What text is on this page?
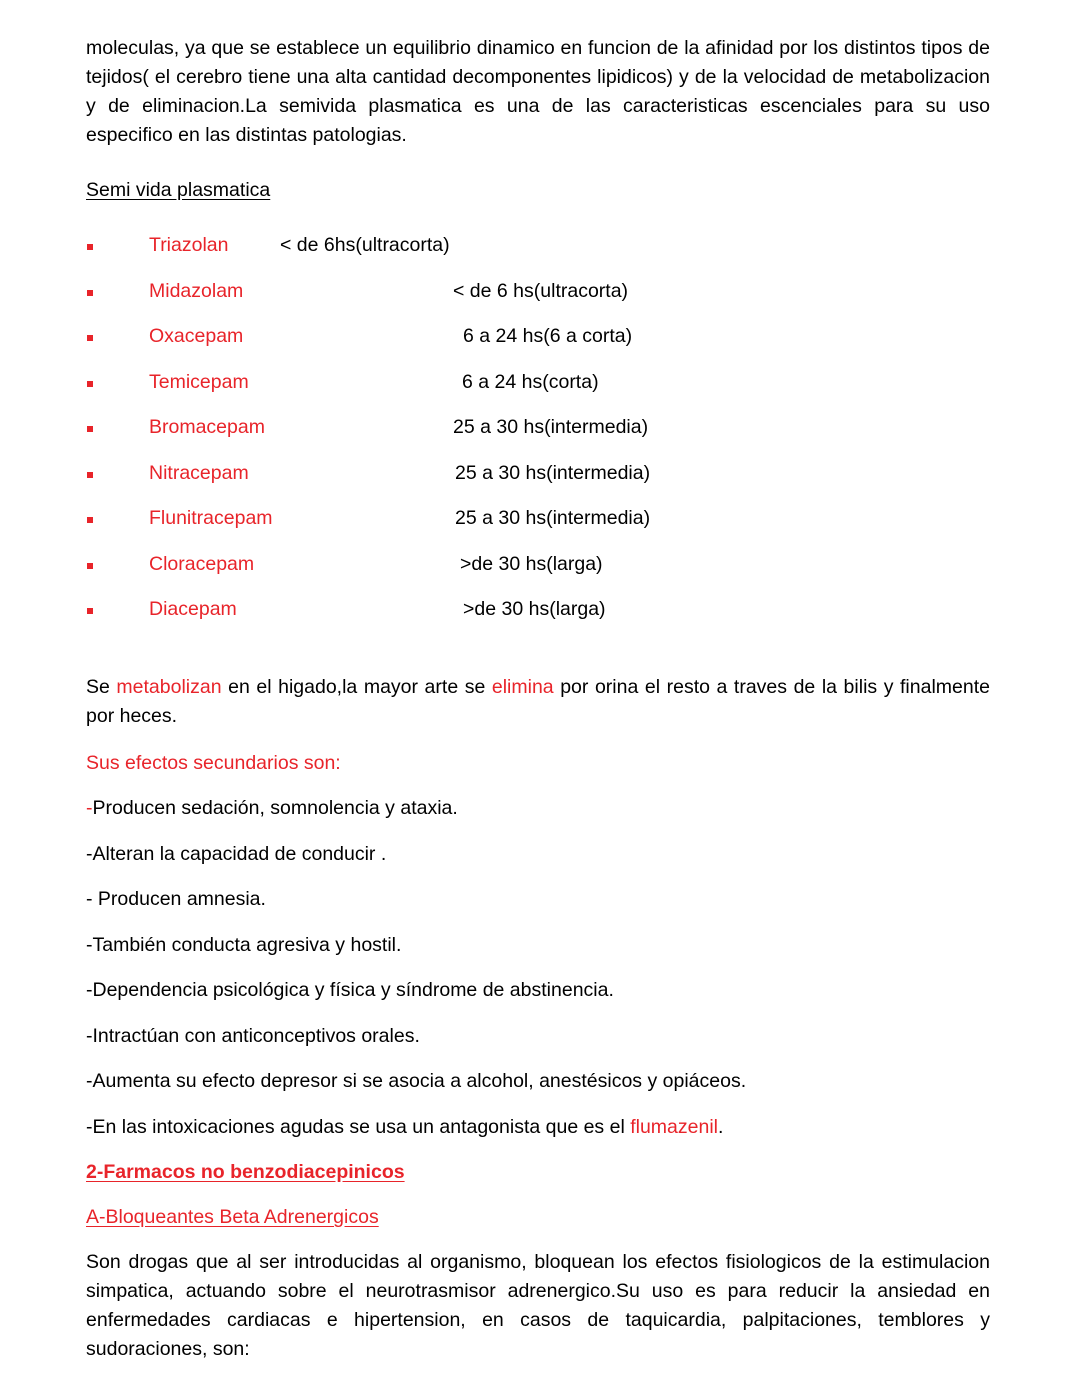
moleculas, ya que se establece un equilibrio dinamico en funcion de la afinidad por los distintos tipos de tejidos( el cerebro tiene una alta cantidad decomponentes lipidicos) y de la velocidad de metabolizacion y de eliminacion.La semivida plasmatica es una de las caracteristicas escenciales para su uso especifico en las distintas patologias.

Semi vida plasmatica
Triazolan	< de 6hs(ultracorta)
Midazolam	< de 6 hs(ultracorta)
Oxacepam	6 a 24 hs(6 a corta)
Temicepam	6 a 24 hs(corta)
Bromacepam	25 a 30 hs(intermedia)
Nitracepam	25 a 30 hs(intermedia)
Flunitracepam	25 a 30 hs(intermedia)
Cloracepam	>de 30 hs(larga)
Diacepam	>de 30 hs(larga)

Se metabolizan en el higado,la mayor arte se elimina por orina el resto a traves de la bilis y finalmente por heces.

Sus efectos secundarios son:
-Producen sedación, somnolencia y ataxia.
-Alteran la capacidad de conducir .
- Producen amnesia.
-También conducta agresiva y hostil.
-Dependencia psicológica y física y síndrome de abstinencia.
-Intractúan con anticonceptivos orales.
-Aumenta su efecto depresor si se asocia a alcohol, anestésicos y opiáceos.
-En las intoxicaciones agudas se usa un antagonista que es el flumazenil.
2-Farmacos no benzodiacepinicos
A-Bloqueantes Beta Adrenergicos

Son drogas que al ser introducidas al organismo, bloquean los efectos fisiologicos de la estimulacion simpatica, actuando sobre el neurotrasmisor adrenergico.Su uso es para reducir la ansiedad en enfermedades cardiacas e hipertension, en casos de taquicardia, palpitaciones, temblores y sudoraciones, son:
